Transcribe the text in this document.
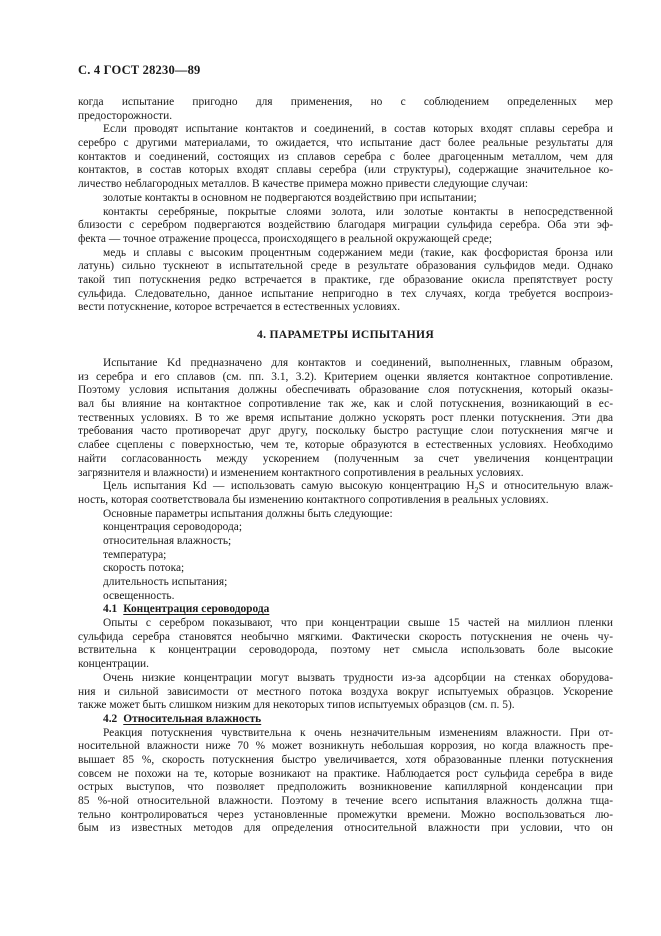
С. 4 ГОСТ 28230—89
когда испытание пригодно для применения, но с соблюдением определенных мер
предосторожности.
Если проводят испытание контактов и соединений, в состав которых входят сплавы серебра и
серебро с другими материалами, то ожидается, что испытание даст более реальные результаты для
контактов и соединений, состоящих из сплавов серебра с более драгоценным металлом, чем для
контактов, в состав которых входят сплавы серебра (или структуры), содержащие значительное ко-
личество неблагородных металлов. В качестве примера можно привести следующие случаи:
золотые контакты в основном не подвергаются воздействию при испытании;
контакты серебряные, покрытые слоями золота, или золотые контакты в непосредственной
близости с серебром подвергаются воздействию благодаря миграции сульфида серебра. Оба эти эф-
фекта — точное отражение процесса, происходящего в реальной окружающей среде;
медь и сплавы с высоким процентным содержанием меди (такие, как фосфористая бронза или
латунь) сильно тускнеют в испытательной среде в результате образования сульфидов меди. Однако
такой тип потускнения редко встречается в практике, где образование окисла препятствует росту
сульфида. Следовательно, данное испытание непригодно в тех случаях, когда требуется воспроиз-
вести потускнение, которое встречается в естественных условиях.
4. ПАРАМЕТРЫ ИСПЫТАНИЯ
Испытание Kd предназначено для контактов и соединений, выполненных, главным образом,
из серебра и его сплавов (см. пп. 3.1, 3.2). Критерием оценки является контактное сопротивление.
Поэтому условия испытания должны обеспечивать образование слоя потускнения, который оказы-
вал бы влияние на контактное сопротивление так же, как и слой потускнения, возникающий в ес-
тественных условиях. В то же время испытание должно ускорять рост пленки потускнения. Эти два
требования часто противоречат друг другу, поскольку быстро растущие слои потускнения мягче и
слабее сцеплены с поверхностью, чем те, которые образуются в естественных условиях. Необходимо
найти согласованность между ускорением (полученным за счет увеличения концентрации
загрязнителя и влажности) и изменением контактного сопротивления в реальных условиях.
Цель испытания Kd — использовать самую высокую концентрацию $H_2S$ и относительную влаж-
ность, которая соответствовала бы изменению контактного сопротивления в реальных условиях.
Основные параметры испытания должны быть следующие:
концентрация сероводорода;
относительная влажность;
температура;
скорость потока;
длительность испытания;
освещенность.
4.1 Концентрация сероводорода
Опыты с серебром показывают, что при концентрации свыше 15 частей на миллион пленки
сульфида серебра становятся необычно мягкими. Фактически скорость потускнения не очень чу-
вствительна к концентрации сероводорода, поэтому нет смысла использовать боле высокие
концентрации.
Очень низкие концентрации могут вызвать трудности из-за адсорбции на стенках оборудова-
ния и сильной зависимости от местного потока воздуха вокруг испытуемых образцов. Ускорение
также может быть слишком низким для некоторых типов испытуемых образцов (см. п. 5).
4.2 Относительная влажность
Реакция потускнения чувствительна к очень незначительным изменениям влажности. При от-
носительной влажности ниже 70 % может возникнуть небольшая коррозия, но когда влажность пре-
вышает 85 %, скорость потускнения быстро увеличивается, хотя образованные пленки потускнения
совсем не похожи на те, которые возникают на практике. Наблюдается рост сульфида серебра в виде
острых выступов, что позволяет предположить возникновение капиллярной конденсации при
85 %-ной относительной влажности. Поэтому в течение всего испытания влажность должна тща-
тельно контролироваться через установленные промежутки времени. Можно воспользоваться лю-
бым из известных методов для определения относительной влажности при условии, что он
